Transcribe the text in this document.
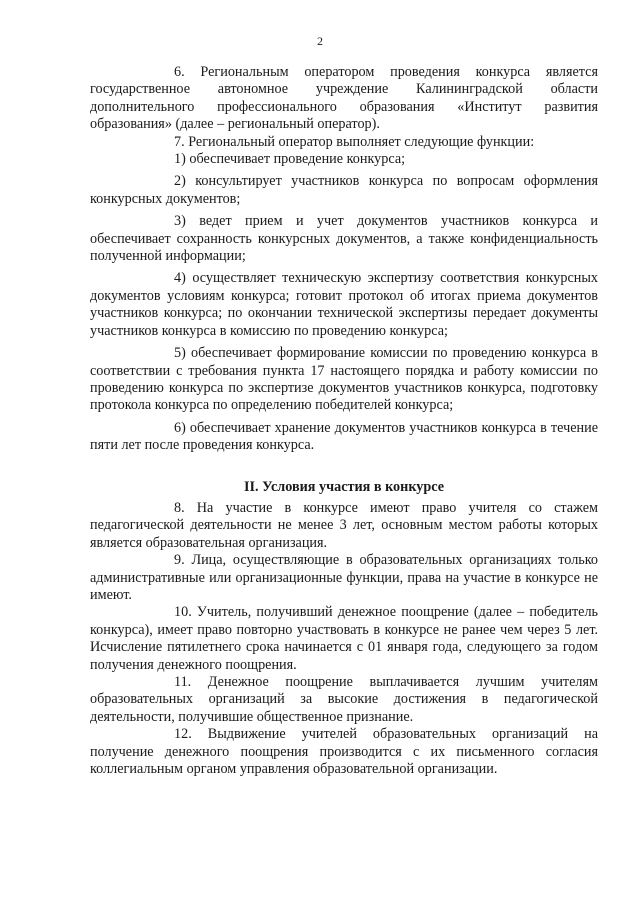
2

6. Региональным оператором проведения конкурса является государственное автономное учреждение Калининградской области дополнительного профессионального образования «Институт развития образования» (далее – региональный оператор).

7. Региональный оператор выполняет следующие функции:

1) обеспечивает проведение конкурса;

2) консультирует участников конкурса по вопросам оформления конкурсных документов;

3) ведет прием и учет документов участников конкурса и обеспечивает сохранность конкурсных документов, а также конфиденциальность полученной информации;

4) осуществляет техническую экспертизу соответствия конкурсных документов условиям конкурса; готовит протокол об итогах приема документов участников конкурса; по окончании технической экспертизы передает документы участников конкурса в комиссию по проведению конкурса;

5) обеспечивает формирование комиссии по проведению конкурса в соответствии с требования пункта 17 настоящего порядка и работу комиссии по проведению конкурса по экспертизе документов участников конкурса, подготовку протокола конкурса по определению победителей конкурса;

6) обеспечивает хранение документов участников конкурса в течение пяти лет после проведения конкурса.

II. Условия участия в конкурсе

8. На участие в конкурсе имеют право учителя со стажем педагогической деятельности не менее 3 лет, основным местом работы которых является образовательная организация.

9. Лица, осуществляющие в образовательных организациях только административные или организационные функции, права на участие в конкурсе не имеют.

10. Учитель, получивший денежное поощрение (далее – победитель конкурса), имеет право повторно участвовать в конкурсе не ранее чем через 5 лет. Исчисление пятилетнего срока начинается с 01 января года, следующего за годом получения денежного поощрения.

11. Денежное поощрение выплачивается лучшим учителям образовательных организаций за высокие достижения в педагогической деятельности, получившие общественное признание.

12. Выдвижение учителей образовательных организаций на получение денежного поощрения производится с их письменного согласия коллегиальным органом управления образовательной организации.
